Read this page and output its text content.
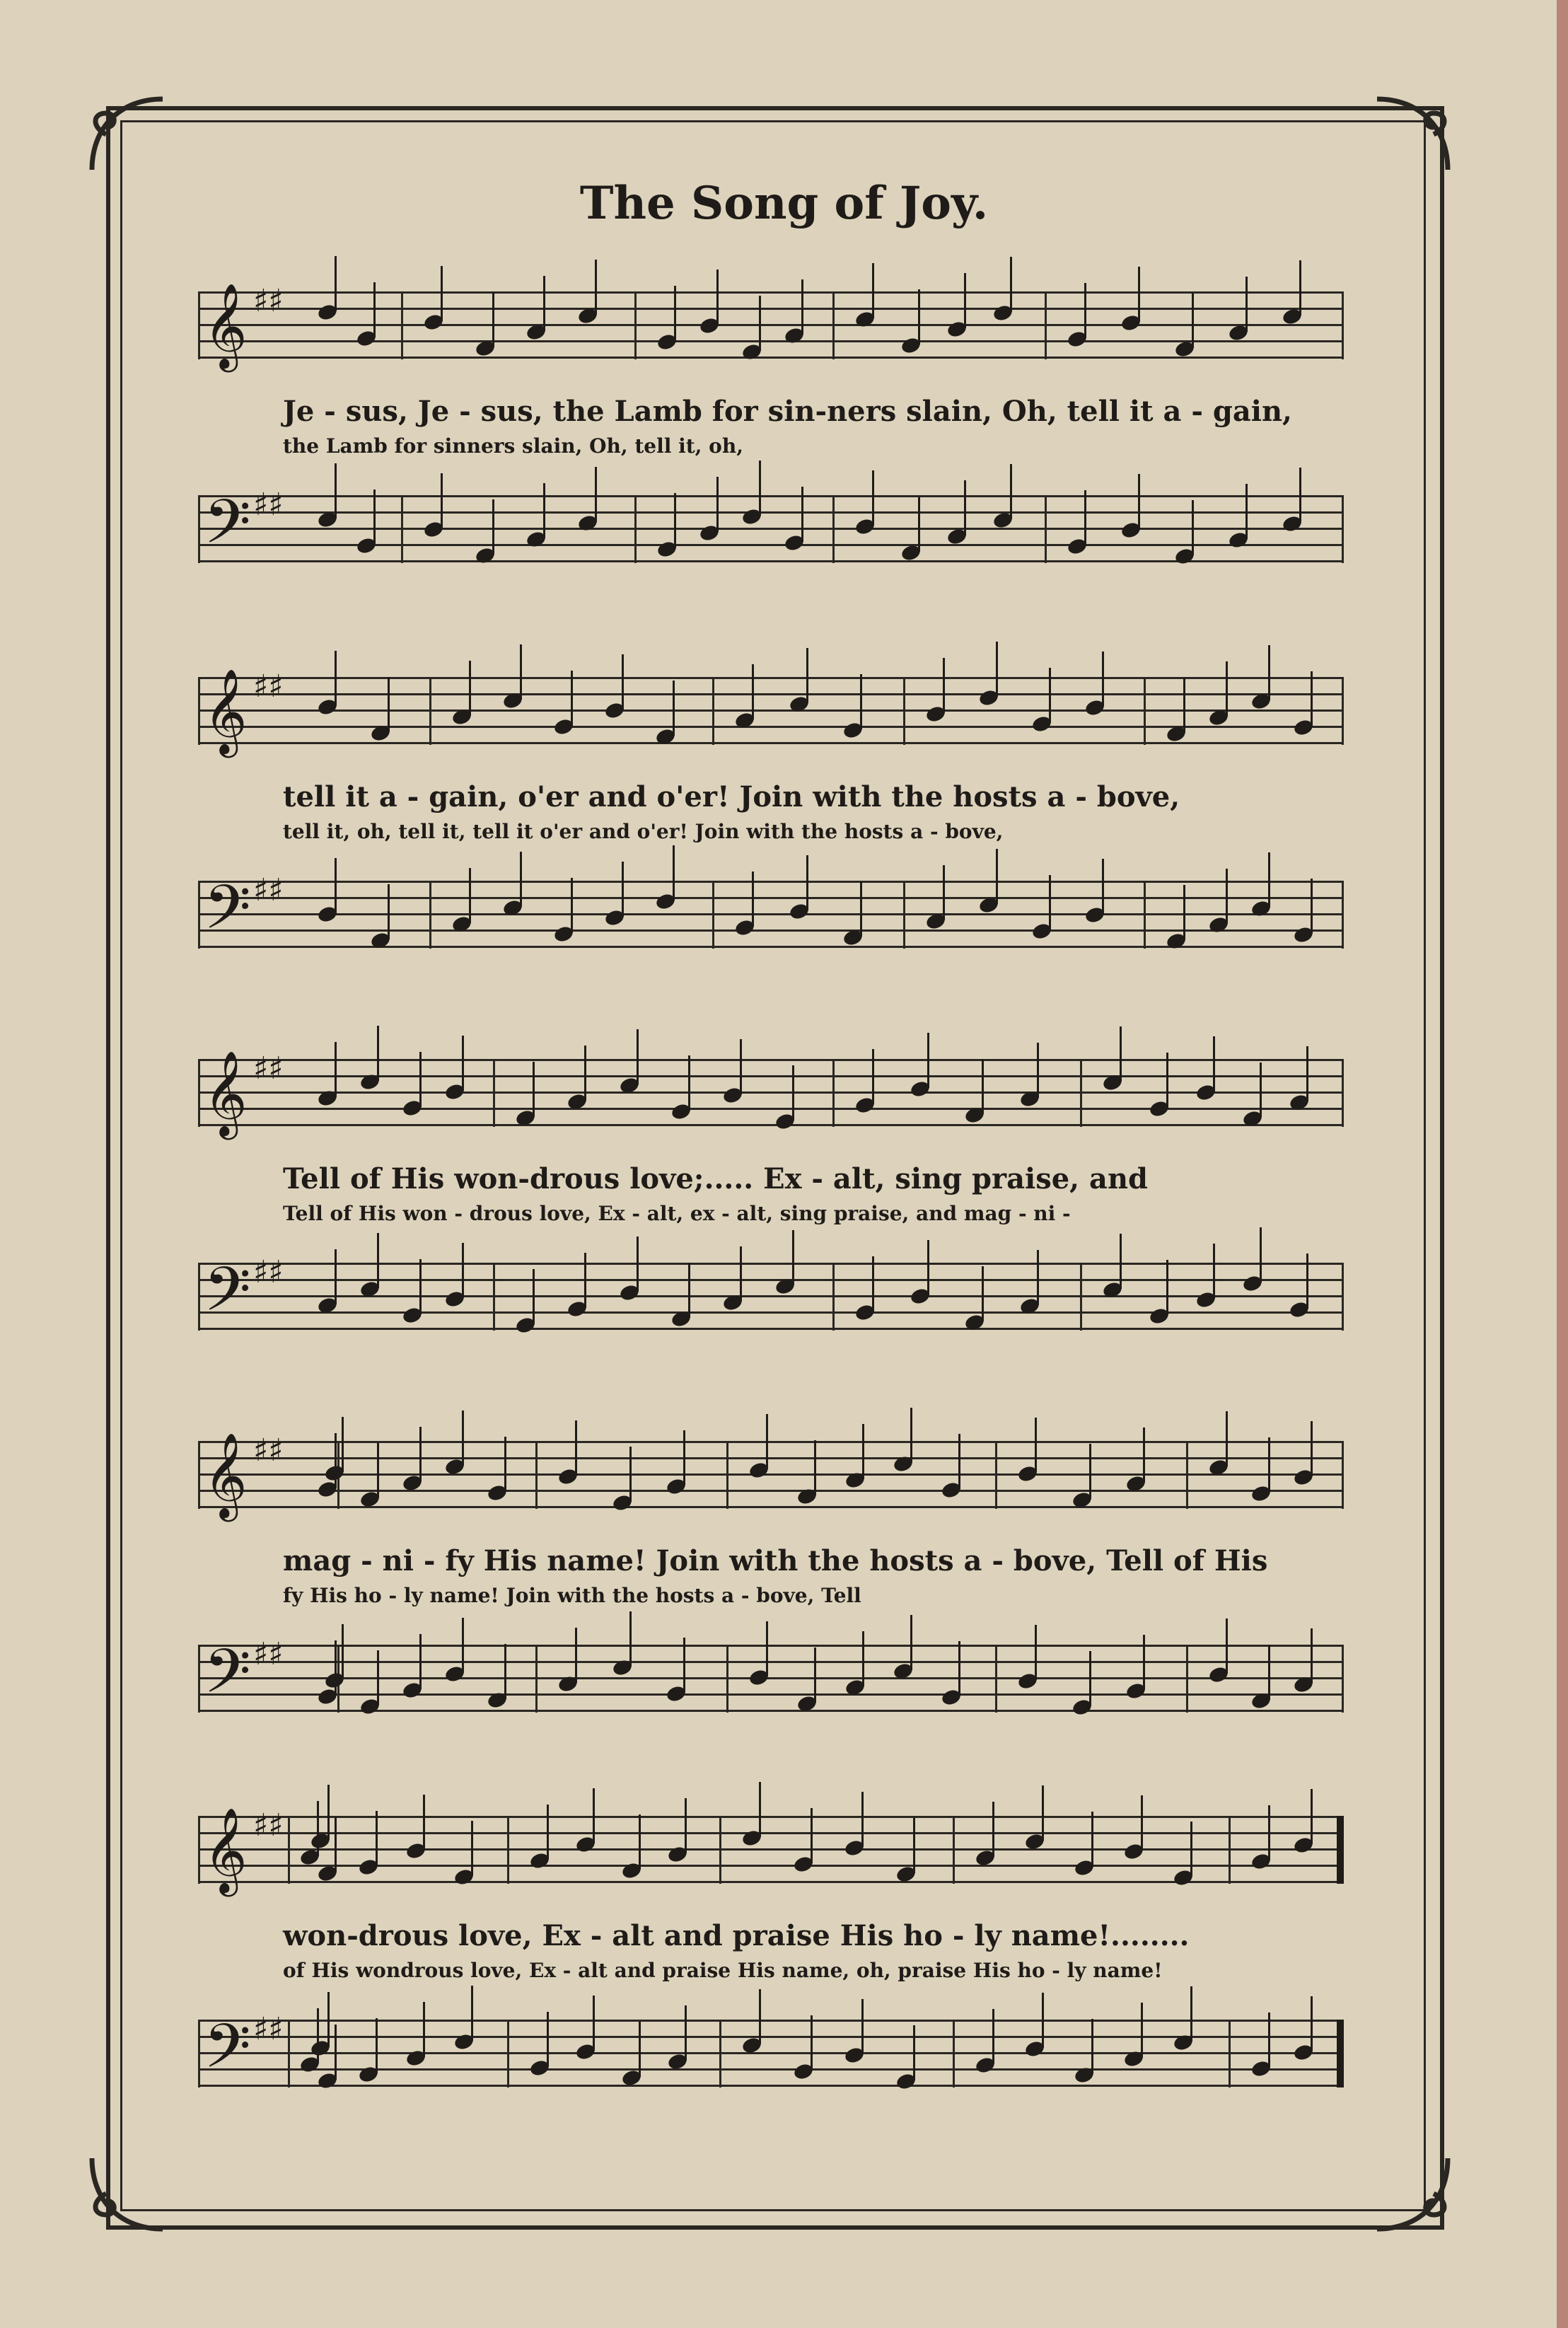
The Song of Joy.
𝄞 ♯♯
Je - sus, Je - sus, the Lamb for sin-ners slain, Oh, tell it a - gain,
the Lamb for sinners slain, Oh, tell it, oh,
𝄢 ♯♯
𝄞 ♯♯
tell it a - gain, o'er and o'er! Join with the hosts a - bove,
tell it, oh, tell it, tell it o'er and o'er! Join with the hosts a - bove,
𝄢 ♯♯
𝄞 ♯♯
Tell of His won-drous love;..... Ex - alt, sing praise, and
Tell of His won - drous love, Ex - alt, ex - alt, sing praise, and mag - ni -
𝄢 ♯♯
𝄞 ♯♯
mag - ni - fy His name! Join with the hosts a - bove, Tell of His
fy His ho - ly name! Join with the hosts a - bove, Tell
𝄢 ♯♯
𝄞 ♯♯
won-drous love, Ex - alt and praise His ho - ly name!........
of His wondrous love, Ex - alt and praise His name, oh, praise His ho - ly name!
𝄢 ♯♯
